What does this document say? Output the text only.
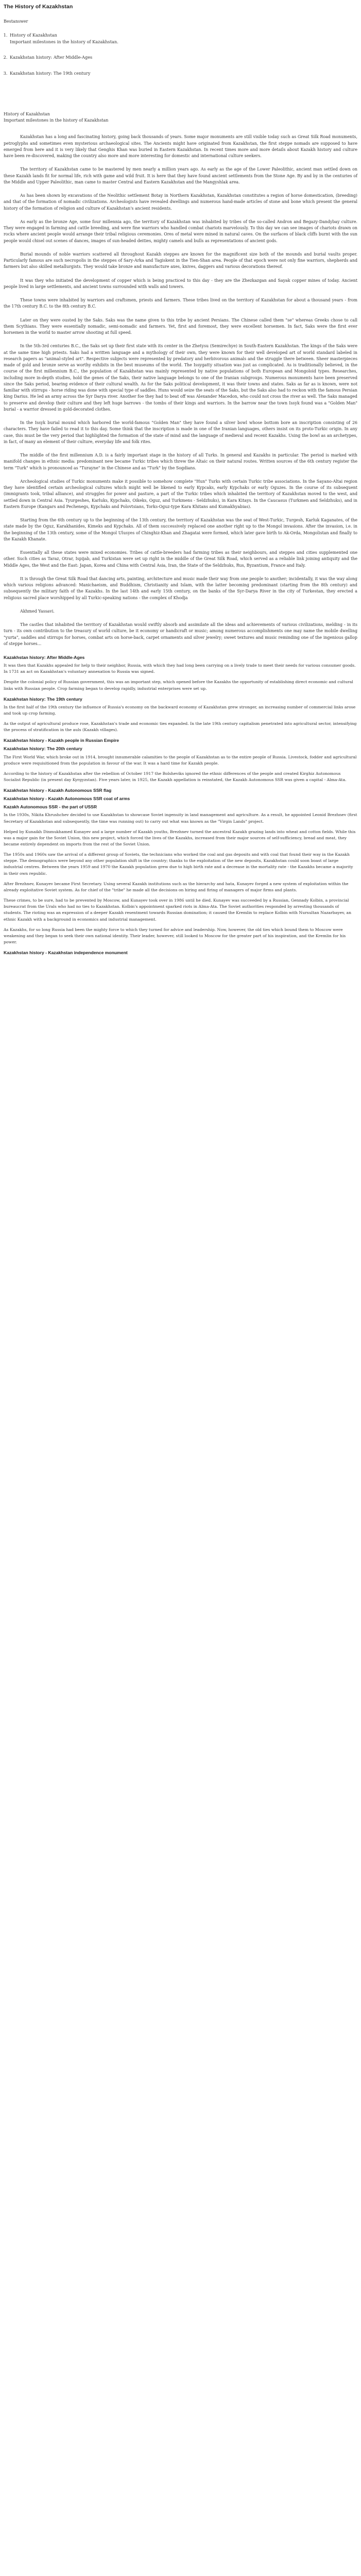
The History of Kazakhstan

Bestanswer

1. History of Kazakhstan
Important milestones in the history of Kazakhstan.
2. Kazakhstan history: After Middle-Ages
3. Kazakhstan history: The 19th century

History of Kazakhstan

Important milestones in the history of Kazakhstan

Kazakhstan has a long and fascinating history, going back thousands of years. Some major monuments are still visible today such as Great Silk Road monuments, petroglyphs and sometimes even mysterious archaeological sites. The Ancients might have originated from Kazakhstan, the first steppe nomads are supposed to have emerged from here and it is very likely that Genghis Khan was buried in Eastern Kazakhstan. In recent times more and more details about Kazakh history and culture have been re-discovered, making the country also more and more interesting for domestic and international culture seekers.

The territory of Kazakhstan came to be mastered by men nearly a million years ago. As early as the age of the Lower Paleolithic, ancient man settled down on these Kazakh lands fit for normal life, rich with game and wild fruit. It is here that they have found ancient settlements from the Stone Age. By and by in the centuries of the Middle and Upper Paleolithic, man came to master Central and Eastern Kazakhstan and the Mangyshlak area.

As has been shown by excavations of the Neolithic settlement Botay in Northern Kazakhstan, Kazakhstan constitutes a region of horse domestication, (breeding) and that of the formation of nomadic civilizations. Archeologists have revealed dwellings and numerous hand-made articles of stone and bone which present the general history of the formation of religion and culture of Kazakhstan's ancient residents.

As early as the bronze Age, some four millennia ago, the territory of Kazakhstan was inhabited by tribes of the so-called Andron and Begazy-Dandybay culture. They were engaged in farming and cattle breeding, and were fine warriors who handled combat chariots marvelously. To this day we can see images of chariots drawn on rocks where ancient people would arrange their tribal religious ceremonies. Ores of metal were mined in natural caves. On the surfaces of black cliffs burnt with the sun people would chisel out scenes of dances, images of sun-headed deities, mighty camels and bulls as representations of ancient gods.

Burial mounds of noble warriors scattered all throughout Kazakh steppes are known for the magnificent size both of the mounds and burial vaults proper. Particularly famous are such necropolis in the steppes of Sary-Arka and Tagiskent in the Tien-Shan area. People of that epoch were not only fine warriors, shepherds and farmers but also skilled metallurgists. They would take bronze and manufacture axes, knives, daggers and various decorations thereof.

It was they who initiated the development of copper which is being practiced to this day - they are the Zhezkazgan and Sayak copper mines of today. Ancient people lived in large settlements, and ancient towns surrounded with walls and towers.

These towns were inhabited by warriors and craftsmen, priests and farmers. These tribes lived on the territory of Kazakhstan for about a thousand years - from the 17th century B.C. to the 8th century B.C.

Later on they were ousted by the Saks. Saks was the name given to this tribe by ancient Persians. The Chinese called them "se" whereas Greeks chose to call them Scythians. They were essentially nomadic, semi-nomadic and farmers. Yet, first and foremost, they were excellent horsemen. In fact, Saks were the first ever horsemen in the world to master arrow shooting at full speed.

In the 5th-3rd centuries B.C., the Saks set up their first state with its center in the Zhetysu (Semirechye) in South-Eastern Kazakhstan. The kings of the Saks were at the same time high priests. Saks had a written language and a mythology of their own, they were known for their well developed art of world standard labeled in research papers as "animal-styled art". Respective subjects were represented by predatory and herbivorous animals and the struggle there between. Sheer masterpieces made of gold and bronze serve as worthy exhibits in the best museums of the world. The Issygatty situation was just as complicated. As is traditionally believed, in the course of the first millennium B.C., the population of Kazakhstan was mainly represented by native populations of both European and Mongoloid types. Researches, including more in-depth studies, hold the genes of the Saks, their native language belongs to one of the Iranian subgroups. Numerous monuments have been preserved since the Saks period, bearing evidence of their cultural wealth. As for the Saks political development, it was their towns and states. Saks as far as is known, were not familiar with stirrups - horse riding was done with special type of saddles. Huns would seize the seats of the Saks, but the Saks also had to reckon with the famous Persian king Darius. He led an army across the Syr Darya river. Another foe they had to beat off was Alexander Macedon, who could not cross the river as well. The Saks managed to preserve and develop their culture and they left huge barrows - the tombs of their kings and warriors. In the barrow near the town Issyk found was a "Golden Man" burial - a warrior dressed in gold-decorated clothes.

In the Issyk burial mound which harbored the world-famous "Golden Man" they have found a silver bowl whose bottom bore an inscription consisting of 26 characters. They have failed to read it to this day. Some think that the inscription is made in one of the Iranian languages, others insist on its proto-Turkic origin. In any case, this must be the very period that highlighted the formation of the state of mind and the language of medieval and recent Kazakhs. Using the bowl as an archetypes, in fact, of many an element of their culture, everyday life and folk rites.

The middle of the first millennium A.D. is a fairly important stage in the history of all Turks. In general and Kazakhs in particular. The period is marked with manifold changes in ethnic media: predominant new became Turkic tribes which threw the Altaic on their natural routes. Written sources of the 6th century register the term "Turk" which is pronounced as "Turayne" in the Chinese and as "Turk" by the Sogdians.

Archeological studies of Turkic monuments make it possible to somehow complete "Hun" Turks with certain Turkic tribe associations. In the Sayano-Altai region they have identified certain archeological cultures which might well be likened to early Kypcaks, early Kypchaks or early Oguzes. In the course of its subsequent (immigrants took, tribal alliance), and struggles for power and pasture, a part of the Turkic tribes which inhabited the territory of Kazakhstan moved to the west, and settled down in Central Asia. Tyurgeshes, Karluks, Kypchaks, Oikeks, Oguz, and Turkmens - Seldzhuks), in Kara Kitays. In the Caucasus (Turkmen and Seldzhuks), and in Eastern Europe (Kangars and Pechenegs, Kypchaks and Polovtsians, Torks-Oguz-type Kara Khitans and Kumakhyabias).

Starting from the 6th century up to the beginning of the 13th century, the territory of Kazakhstan was the seat of West-Turkic, Turgesh, Karluk Kaganates, of the state made by the Oguz, Karakhanides, Kimeks and Kypchaks. All of them successively replaced one another right up to the Mongol invasions. After the invasion, i.e. in the beginning of the 13th century, some of the Mongol Ulusyes of Chinghiz-Khan and Zhagatai were formed, which later gave birth to Ak-Orda, Mongolistan and finally to the Kazakh Khanate.

Essentially all these states were mixed economies. Tribes of cattle-breeders had farming tribes as their neighbours, and steppes and cities supplemented one other. Such cities as Taraz, Otrar, Ispijab, and Turkistan were set up right in the middle of the Great Silk Road, which served as a reliable link joining antiquity and the Middle Ages, the West and the East: Japan, Korea and China with Central Asia, Iran, the State of the Seldzhuks, Rus, Byzantium, France and Italy.

It is through the Great Silk Road that dancing arts, painting, architecture and music made their way from one people to another; incidentally, it was the way along which various religions advanced: Manichaeism, and Buddhism, Christianity and Islam, with the latter becoming predominant (starting from the 8th century) and subsequently the military faith of the Kazakhs. In the last 14th and early 15th century, on the banks of the Syr-Darya River in the city of Turkestan, they erected a religious sacred place worshipped by all Turkic-speaking nations - the complex of Khodja

Akhmed Yassavi.

The castles that inhabited the territory of Kazakhstan would swiftly absorb and assimilate all the ideas and achievements of various civilizations, melding - in its turn - its own contribution to the treasury of world culture, be it economy or handicraft or music; among numerous accomplishments one may name the mobile dwelling "yurta", saddles and stirrups for horses, combat arts on horse-back, carpet ornaments and silver jewelry; sweet textures and music reminding one of the ingenious gallop of steppe horses...

Kazakhstan history: After Middle-Ages

It was then that Kazakhs appealed for help to their neighbor, Russia, with which they had long been carrying on a lively trade to meet their needs for various consumer goods. In 1731 an act on Kazakhstan's voluntary annexation to Russia was signed.

Despite the colonial policy of Russian government, this was an important step, which opened before the Kazakhs the opportunity of establishing direct economic and cultural links with Russian people. Crop farming began to develop rapidly, industrial enterprises were set up.

Kazakhstan history: The 19th century

In the first half of the 19th century the influence of Russia's economy on the backward economy of Kazakhstan grew stronger, an increasing number of commercial links arose and took up crop farming.

As the output of agricultural produce rose, Kazakhstan's trade and economic ties expanded. In the late 19th century capitalism penetrated into agricultural sector, intensifying the process of stratification in the auls (Kazakh villages).

Kazakhstan history - Kazakh people in Russian Empire
Kazakhstan history: The 20th century

The First World War, which broke out in 1914, brought innumerable calamities to the people of Kazakhstan as to the entire people of Russia. Livestock, fodder and agricultural produce were requisitioned from the population in favour of the war. It was a hard time for Kazakh people.

According to the history of Kazakhstan after the rebellion of October 1917 the Bolsheviks ignored the ethnic differences of the people and created Kirghiz Autonomous Socialist Republic (in present day Kyrgyzstan). Five years later, in 1925, the Kazakh appellation is reinstated, the Kazakh Autonomous SSR was given a capital - Alma-Ata.

Kazakhstan history - Kazakh Autonomous SSR flag
Kazakhstan history - Kazakh Autonomous SSR coat of arms
Kazakh Autonomous SSR - the part of USSR

In the 1930s, Nikita Khrushchev decided to use Kazakhstan to showcase Soviet ingenuity in land management and agriculture. As a result, he appointed Leonid Brezhnev (first Secretary of Kazakhstan and subsequently, the time was running out) to carry out what was known as the "Virgin Lands" project.

Helped by Kunaikh Dinmukhamed Kunayev and a large number of Kazakh youths, Brezhnev turned the ancestral Kazakh grazing lands into wheat and cotton fields. While this was a major gain for the Soviet Union, this new project, which forced the lives of the Kazakhs, increased from their major sources of self-sufficiency, bread and meat, they became entirely dependent on imports from the rest of the Soviet Union.

The 1950s and 1960s saw the arrival of a different group of Soviets, the technicians who worked the coal and gas deposits and with coal that found their way in the Kazakh steppe. The demographics were beyond any other population shift in the country; thanks to the exploitation of the new deposits, Kazakhstan could soon boast of large industrial centres. Between the years 1959 and 1970 the Kazakh population grew due to high birth rate and a decrease in the mortality rate - the Kazakhs became a majority in their own republic.

After Brezhnev, Kunayev became First Secretary. Using several Kazakh institutions such as the hierarchy and hata, Kunayev forged a new system of exploitation within the already exploitative Soviet system. As for chief of the "tribe" he made all the decisions on hiring and firing of managers of major firms and plants.

These crimes, to be sure, had to be prevented by Moscow, and Kunayev took over in 1986 until he died. Kunayev was succeeded by a Russian, Gennady Kolbin, a provincial bureaucrat from the Urals who had no ties to Kazakhstan. Kolbin's appointment sparked riots in Alma-Ata. The Soviet authorities responded by arresting thousands of students. The rioting was an expression of a deeper Kazakh resentment towards Russian domination; it caused the Kremlin to replace Kolbin with Nursultan Nazarbayev, an ethnic Kazakh with a background in economics and industrial management.

As Kazakhs, for so long Russia had been the mighty force to which they turned for advice and leadership. Now, however, the old ties which bound them to Moscow were weakening and they began to seek their own national identity. Their leader, however, still looked to Moscow for the greater part of his inspiration, and the Kremlin for his power.

Kazakhstan history - Kazakhstan independence monument
